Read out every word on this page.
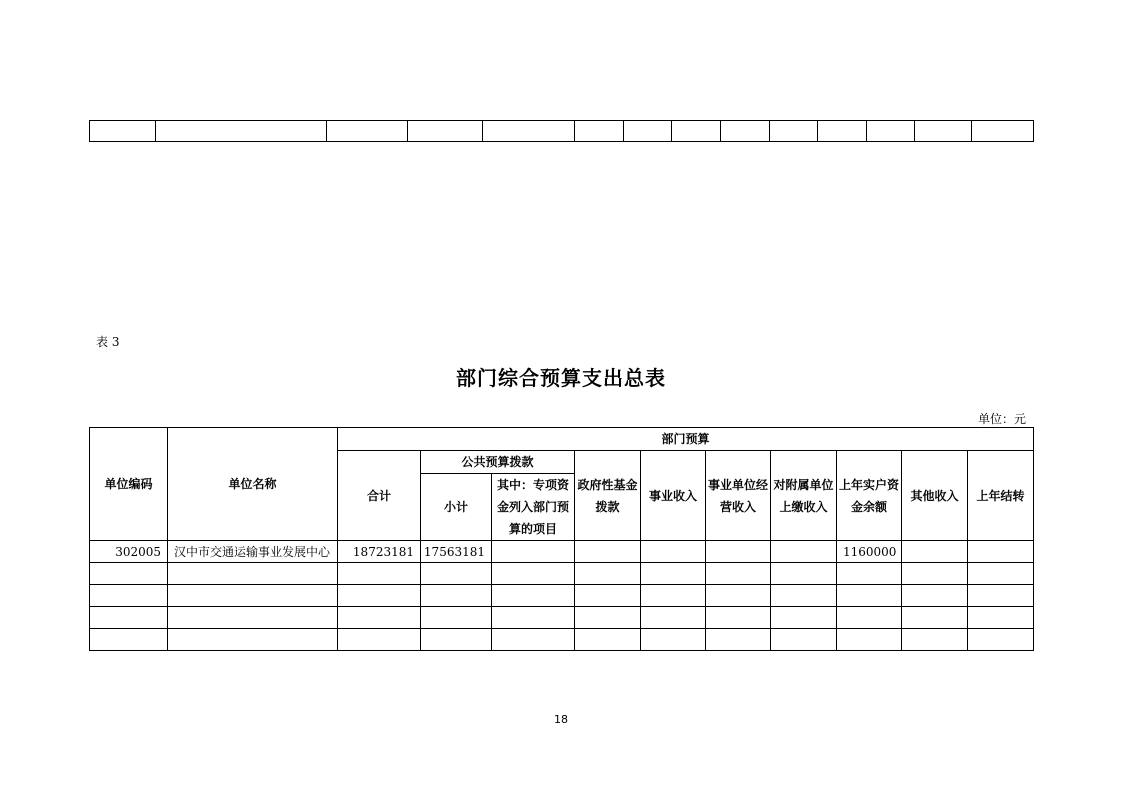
表 3
部门综合预算支出总表
单位：元
单位编码	单位名称	部门预算									
		合计	公共预算拨款		政府性基金拨款	事业收入	事业单位经营收入	对附属单位上缴收入	上年实户资金余额	其他收入	上年结转
			小计	其中：专项资金列入部门预算的项目							
302005	汉中市交通运输事业发展中心	18723181	17563181						1160000		

18
